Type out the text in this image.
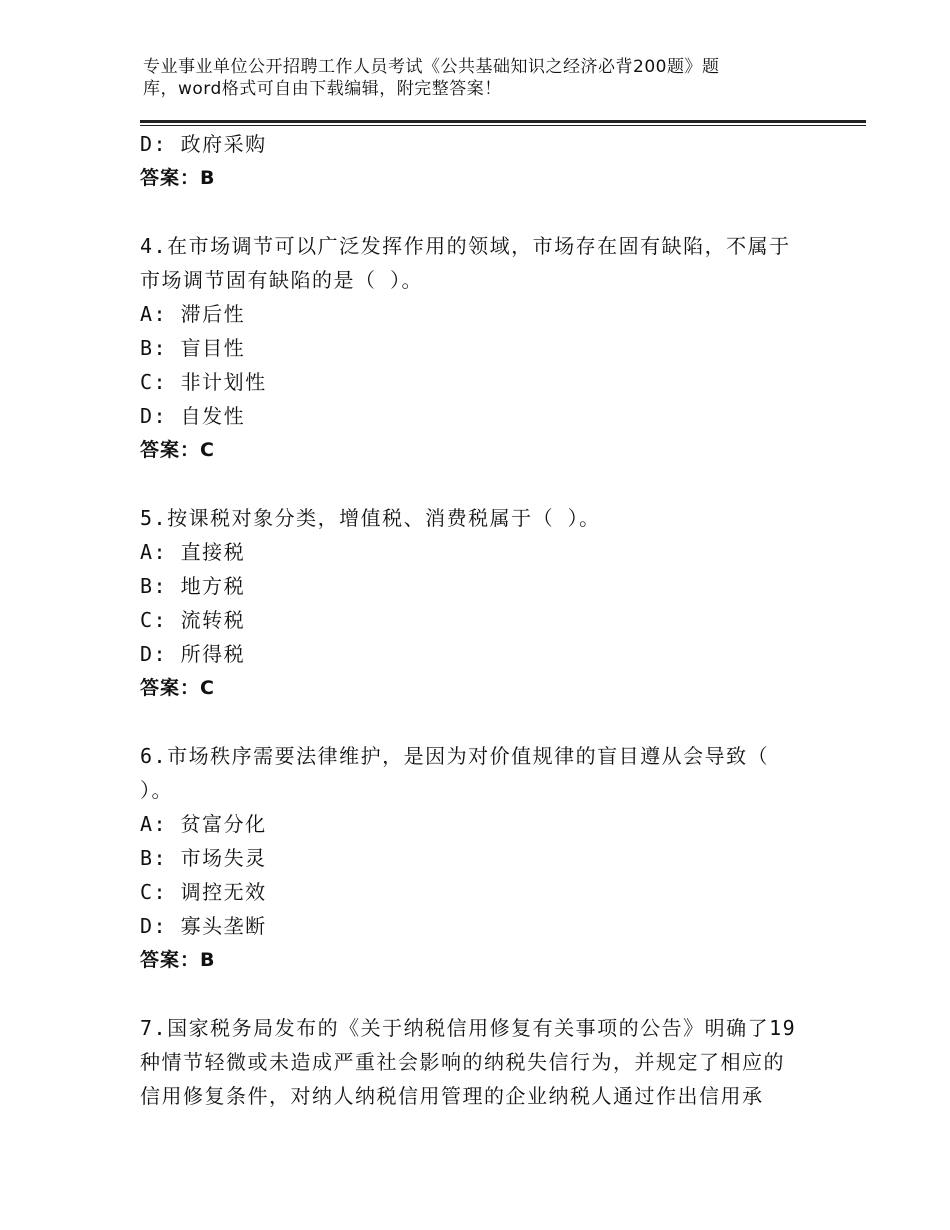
专业事业单位公开招聘工作人员考试《公共基础知识之经济必背200题》题
库，word格式可自由下载编辑，附完整答案！
D: 政府采购
答案：B
4.在市场调节可以广泛发挥作用的领域，市场存在固有缺陷，不属于
市场调节固有缺陷的是（ ）。
A: 滞后性
B: 盲目性
C: 非计划性
D: 自发性
答案：C
5.按课税对象分类，增值税、消费税属于（ ）。
A: 直接税
B: 地方税
C: 流转税
D: 所得税
答案：C
6.市场秩序需要法律维护，是因为对价值规律的盲目遵从会导致（
）。
A: 贫富分化
B: 市场失灵
C: 调控无效
D: 寡头垄断
答案：B
7.国家税务局发布的《关于纳税信用修复有关事项的公告》明确了19
种情节轻微或未造成严重社会影响的纳税失信行为，并规定了相应的
信用修复条件，对纳人纳税信用管理的企业纳税人通过作出信用承
